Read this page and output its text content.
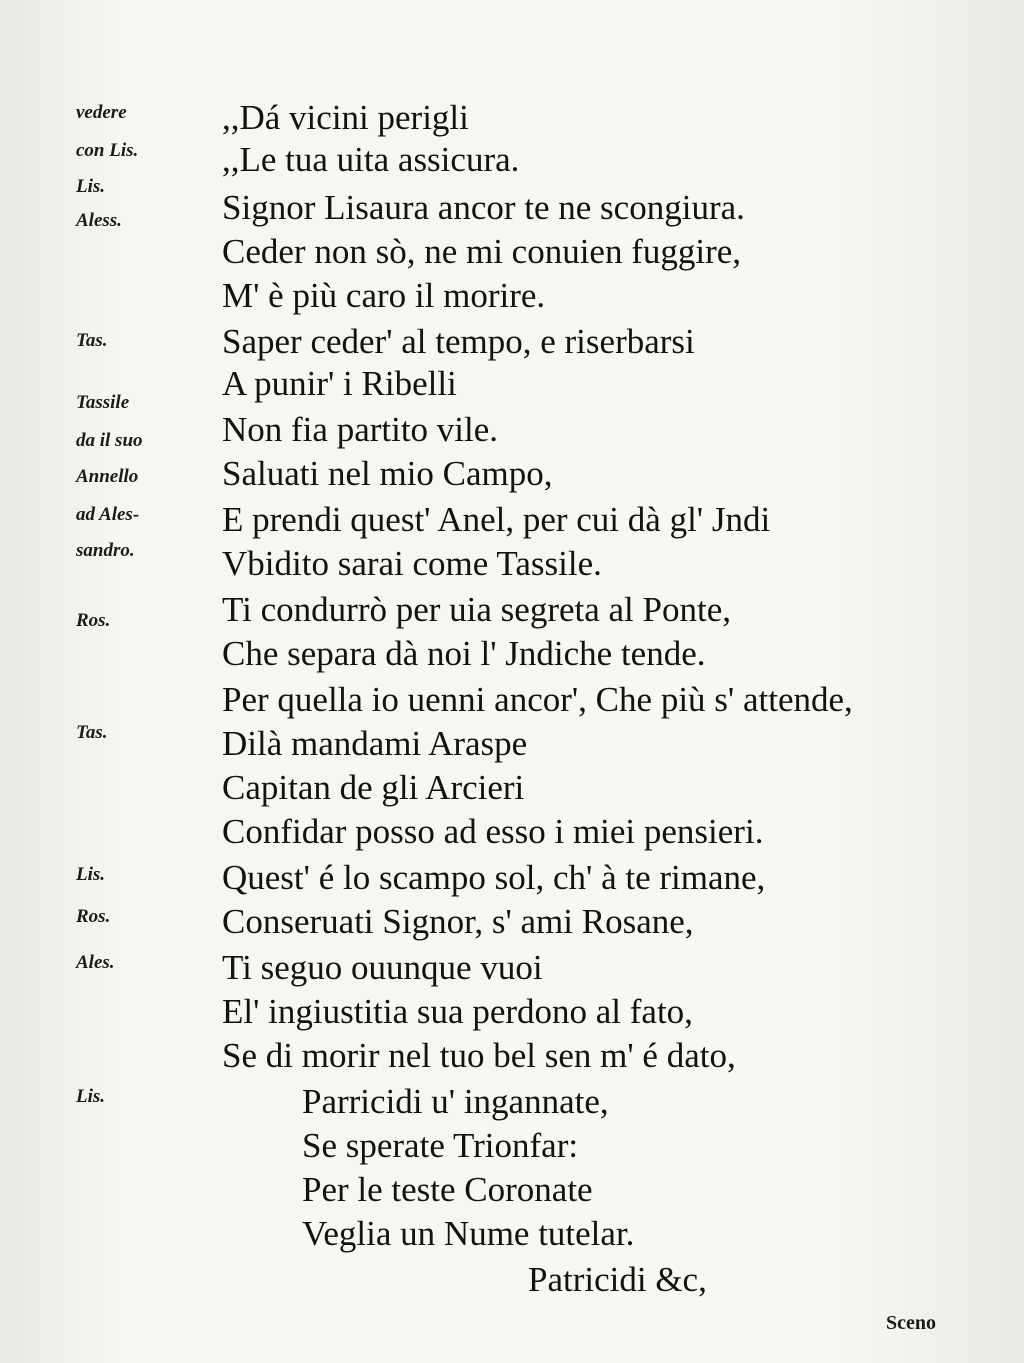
vedere
con Lis.
Lis.
Aless.
Tas.
Tassile
da il suo
Annello
ad Ales-
sandro.
Ros.
Tas.
Lis.
Ros.
Ales.
Lis.
,,Dá vicini perigli
,,Le tua uita assicura.
Signor Lisaura ancor te ne scongiura.
Ceder non sò, ne mi conuien fuggire,
M' è più caro il morire.
Saper ceder' al tempo, e riserbarsi
A punir' i Ribelli
Non fia partito vile.
Saluati nel mio Campo,
E prendi quest' Anel, per cui dà gl' Jndi
Vbidito sarai come Tassile.
Ti condurrò per uia segreta al Ponte,
Che separa dà noi l' Jndiche tende.
Per quella io uenni ancor', Che più s' attende,
Dilà mandami Araspe
Capitan de gli Arcieri
Confidar posso ad esso i miei pensieri.
Quest' é lo scampo sol, ch' à te rimane,
Conseruati Signor, s' ami Rosane,
Ti seguo ouunque vuoi
El' ingiustitia sua perdono al fato,
Se di morir nel tuo bel sen m' é dato,
Parricidi u' ingannate,
Se sperate Trionfar:
Per le teste Coronate
Veglia un Nume tutelar.
Patricidi &c,
Sceno
